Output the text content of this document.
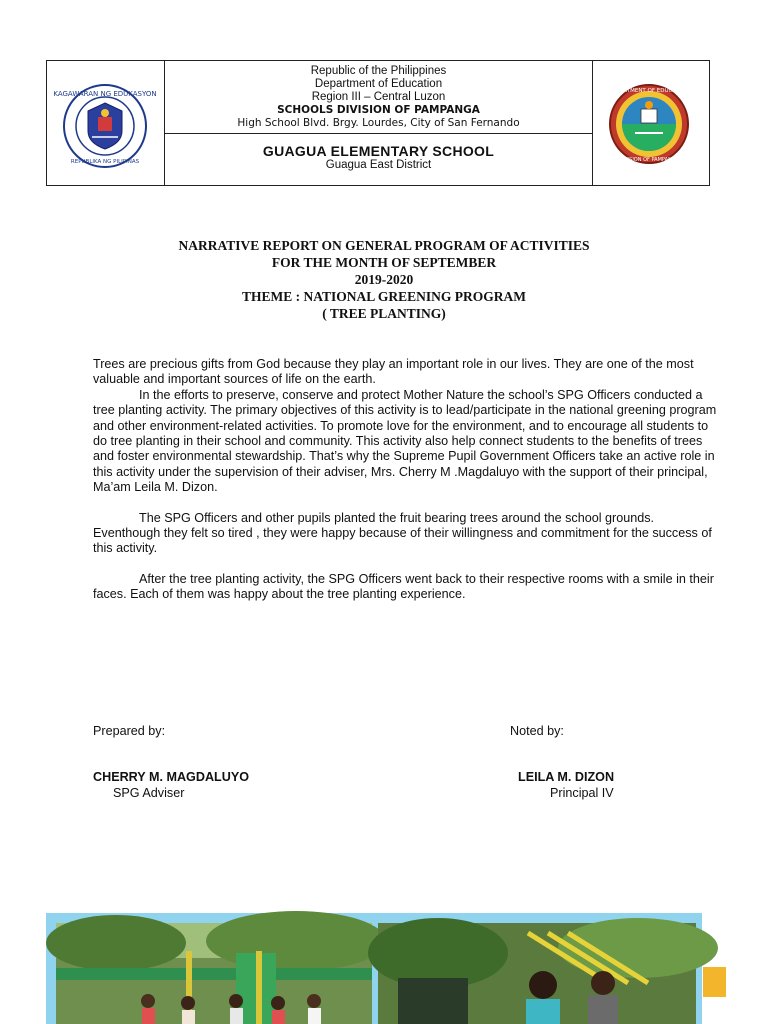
KAGAWARAN NG EDUKASYON
REPUBLIKA NG PILIPINAS
Republic of the Philippines
Department of Education
Region III – Central Luzon
SCHOOLS DIVISION OF PAMPANGA
High School Blvd. Brgy. Lourdes, City of San Fernando
GUAGUA ELEMENTARY SCHOOL
Guagua East District
DEPARTMENT OF EDUCATION
DIVISION OF PAMPANGA
NARRATIVE REPORT ON GENERAL PROGRAM OF ACTIVITIES
FOR THE MONTH OF SEPTEMBER
2019-2020
THEME : NATIONAL GREENING PROGRAM
( TREE PLANTING)

Trees are precious gifts from God because they play an important role in our lives. They are one of the most valuable and important sources of life on the earth.

In the efforts to preserve, conserve and protect Mother Nature the school’s SPG Officers conducted a tree planting activity. The primary objectives of this activity is to lead/participate in the national greening program and other environment-related activities. To promote love for the environment, and to encourage all students to do tree planting in their school and community. This activity also help connect students to the benefits of trees and foster environmental stewardship. That’s why the Supreme Pupil Government Officers take an active role in this activity under the supervision of their adviser, Mrs. Cherry M .Magdaluyo with the support of their principal, Ma’am Leila M. Dizon.

The SPG Officers and other pupils planted the fruit bearing trees around the school grounds. Eventhough they felt so tired , they were happy because of their willingness and commitment for the success of this activity.

After the tree planting activity, the SPG Officers went back to their respective rooms with a smile in their faces. Each of them was happy about the tree planting experience.

Prepared by:	Noted by:
CHERRY M. MAGDALUYO
SPG Adviser
LEILA M. DIZON
Principal IV
